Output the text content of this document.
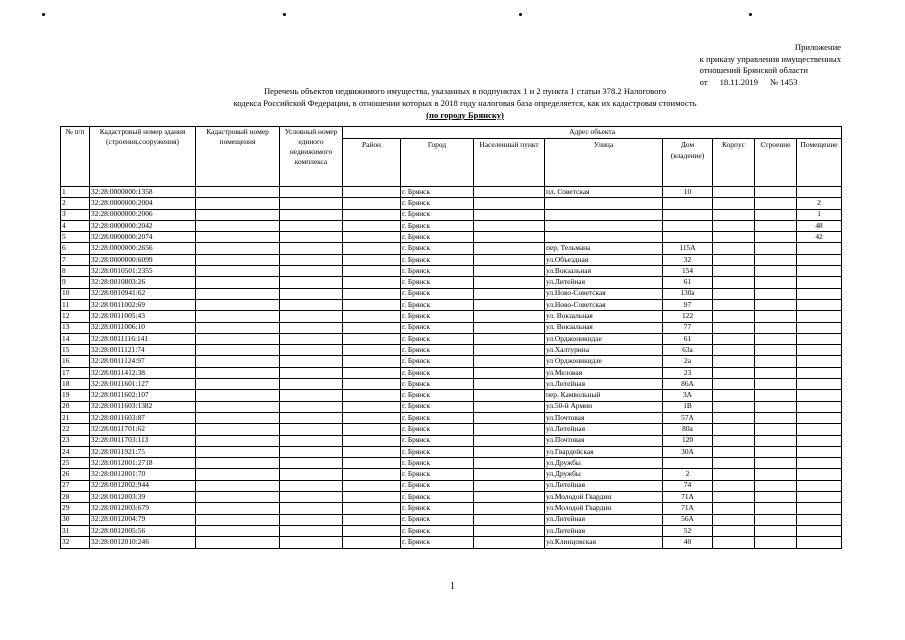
Приложение
к приказу управления имущественных
отношений Брянской области
от 18.11.2019 № 1453
Перечень объектов недвижимого имущества, указанных в подпунктах 1 и 2 пункта 1 статьи 378.2 Налогового
кодекса Российской Федерации, в отношении которых в 2018 году налоговая база определяется, как их кадастровая стоимость
(по городу Брянску)
№ п/п	Кадастровый номер здания (строения,сооружения)	Кадастровый номер помещения	Условный номер единого недвижимого комплекса	Адрес объекта							
				Район	Город	Населенный пункт	Улица	Дом (владение)	Корпус	Строение	Помещение
1	32:28:0000000:1358				г. Брянск		пл. Советская	10			
2	32:28:0000000:2004				г. Брянск						2
3	32:28:0000000:2006				г. Брянск						1
4	32:28:0000000:2042				г. Брянск						48
5	32:28:0000000:2074				г. Брянск						42
6	32:28:0000000:2656				г. Брянск		пер. Тельмана	115А			
7	32:28:0000000:6099				г. Брянск		ул.Объездная	32			
8	32:28:0010501:2355				г. Брянск		ул.Вокзальная	154			
9	32:28:0010803:26				г. Брянск		ул.Литейная	61			
10	32:28:0010941:62				г. Брянск		ул.Ново-Советская	130а			
11	32:28:0011002:69				г. Брянск		ул.Ново-Советская	97			
12	32:28:0011005:43				г. Брянск		ул. Вокзальная	122			
13	32:28:0011006:10				г. Брянск		ул. Вокзальная	77			
14	32:28:0011116:141				г. Брянск		ул.Орджоникидзе	61			
15	32:28:0011121:74				г. Брянск		ул.Халтурина	63а			
16	32:28:0011124:97				г. Брянск		ул Орджоникидзе	2а			
17	32:28:0011412:38				г. Брянск		ул.Меловая	23			
18	32:28:0011601:127				г. Брянск		ул.Литейная	86А			
19	32:28:0011602:107				г. Брянск		пер. Камвольный	3А			
20	32:28:0011603:1382				г. Брянск		ул.50-й Армии	1В			
21	32:28:0011603:87				г. Брянск		ул.Почтовая	57А			
22	32:28:0011701:62				г. Брянск		ул.Литейная	80а			
23	32:28:0011703:113				г. Брянск		ул.Почтовая	120			
24	32:28:0011921:75				г. Брянск		ул.Гвардейская	30А			
25	32:28:0012001:2718				г. Брянск		ул.Дружбы				
26	32:28:0012001:70				г. Брянск		ул.Дружбы	2			
27	32:28:0012002:944				г. Брянск		ул.Литейная	74			
28	32:28:0012003:39				г. Брянск		ул.Молодой Гвардии	71А			
29	32:28:0012003:679				г. Брянск		ул.Молодой Гвардии	71А			
30	32:28:0012004:79				г. Брянск		ул.Литейная	56А			
31	32:28:0012005:56				г. Брянск		ул.Литейная	52			
32	32:28:0012010:246				г. Брянск		ул.Клинцовская	40			
1
